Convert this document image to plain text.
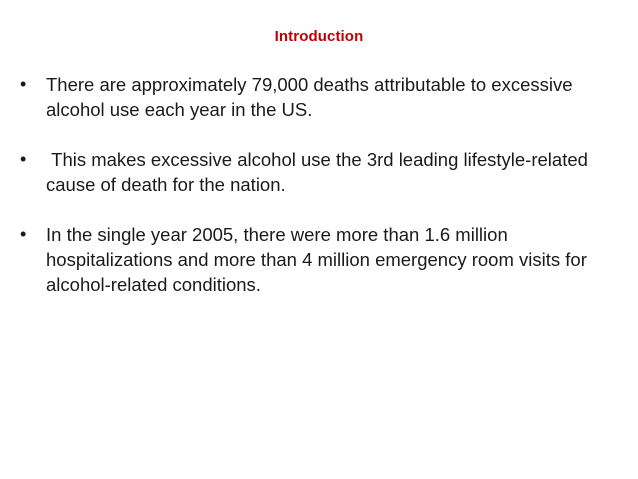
Introduction
• There are approximately 79,000 deaths attributable to excessive alcohol use each year in the US.
• This makes excessive alcohol use the 3rd leading lifestyle-related cause of death for the nation.
• In the single year 2005, there were more than 1.6 million hospitalizations and more than 4 million emergency room visits for alcohol-related conditions.
